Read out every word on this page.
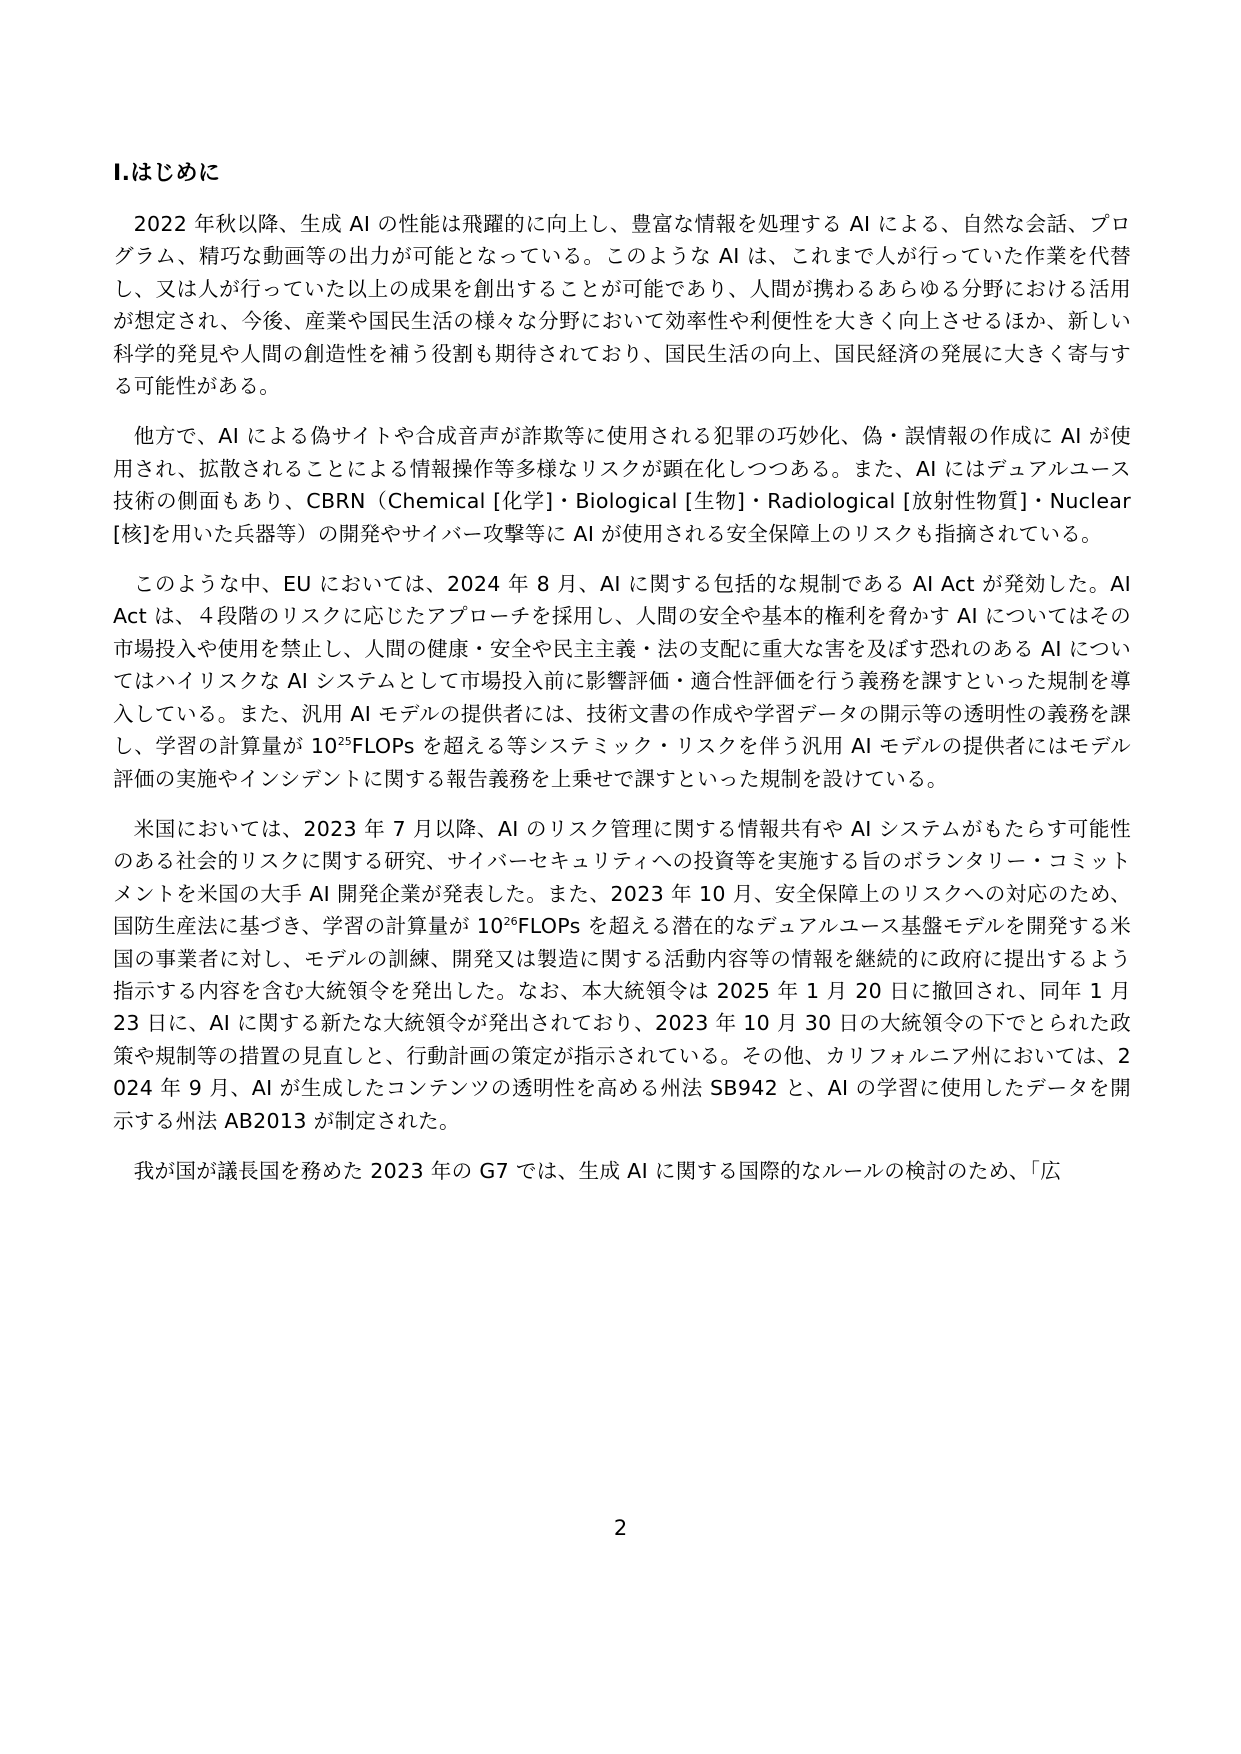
I.はじめに

2022 年秋以降、生成 AI の性能は飛躍的に向上し、豊富な情報を処理する AI による、自然な会話、プログラム、精巧な動画等の出力が可能となっている。このような AI は、これまで人が行っていた作業を代替し、又は人が行っていた以上の成果を創出することが可能であり、人間が携わるあらゆる分野における活用が想定され、今後、産業や国民生活の様々な分野において効率性や利便性を大きく向上させるほか、新しい科学的発見や人間の創造性を補う役割も期待されており、国民生活の向上、国民経済の発展に大きく寄与する可能性がある。

他方で、AI による偽サイトや合成音声が詐欺等に使用される犯罪の巧妙化、偽・誤情報の作成に AI が使用され、拡散されることによる情報操作等多様なリスクが顕在化しつつある。また、AI にはデュアルユース技術の側面もあり、CBRN（Chemical [化学]・Biological [生物]・Radiological [放射性物質]・Nuclear [核]を用いた兵器等）の開発やサイバー攻撃等に AI が使用される安全保障上のリスクも指摘されている。

このような中、EU においては、2024 年 8 月、AI に関する包括的な規制である AI Act が発効した。AI Act は、４段階のリスクに応じたアプローチを採用し、人間の安全や基本的権利を脅かす AI についてはその市場投入や使用を禁止し、人間の健康・安全や民主主義・法の支配に重大な害を及ぼす恐れのある AI についてはハイリスクな AI システムとして市場投入前に影響評価・適合性評価を行う義務を課すといった規制を導入している。また、汎用 AI モデルの提供者には、技術文書の作成や学習データの開示等の透明性の義務を課し、学習の計算量が $10^{25}FLOPs$ を超える等システミック・リスクを伴う汎用 AI モデルの提供者にはモデル評価の実施やインシデントに関する報告義務を上乗せで課すといった規制を設けている。

米国においては、2023 年 7 月以降、AI のリスク管理に関する情報共有や AI システムがもたらす可能性のある社会的リスクに関する研究、サイバーセキュリティへの投資等を実施する旨のボランタリー・コミットメントを米国の大手 AI 開発企業が発表した。また、2023 年 10 月、安全保障上のリスクへの対応のため、国防生産法に基づき、学習の計算量が $10^{26}FLOPs$ を超える潜在的なデュアルユース基盤モデルを開発する米国の事業者に対し、モデルの訓練、開発又は製造に関する活動内容等の情報を継続的に政府に提出するよう指示する内容を含む大統領令を発出した。なお、本大統領令は 2025 年 1 月 20 日に撤回され、同年 1 月 23 日に、AI に関する新たな大統領令が発出されており、2023 年 10 月 30 日の大統領令の下でとられた政策や規制等の措置の見直しと、行動計画の策定が指示されている。その他、カリフォルニア州においては、2024 年 9 月、AI が生成したコンテンツの透明性を高める州法 SB942 と、AI の学習に使用したデータを開示する州法 AB2013 が制定された。

我が国が議長国を務めた 2023 年の G7 では、生成 AI に関する国際的なルールの検討のため、「広

2
